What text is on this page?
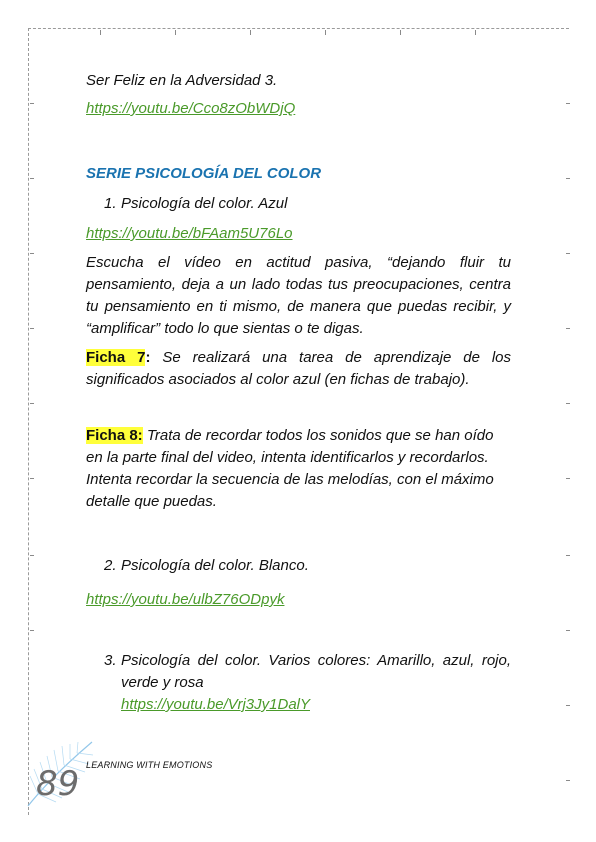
Ser Feliz en la Adversidad 3.

https://youtu.be/Cco8zObWDjQ

SERIE PSICOLOGÍA DEL COLOR

1. Psicología del color. Azul

https://youtu.be/bFAam5U76Lo

Escucha el vídeo en actitud pasiva, “dejando fluir tu pensamiento, deja a un lado todas tus preocupaciones, centra tu pensamiento en ti mismo, de manera que puedas recibir, y “amplificar” todo lo que sientas o te digas.

Ficha 7: Se realizará una tarea de aprendizaje de los significados asociados al color azul (en fichas de trabajo).

Ficha 8: Trata de recordar todos los sonidos que se han oído en la parte final del video, intenta identificarlos y recordarlos. Intenta recordar la secuencia de las melodías, con el máximo detalle que puedas.

2. Psicología del color. Blanco.

https://youtu.be/ulbZ76ODpyk

3. Psicología del color. Varios colores: Amarillo, azul, rojo, verde y rosa

https://youtu.be/Vrj3Jy1DalY

89 LEARNING WITH EMOTIONS
